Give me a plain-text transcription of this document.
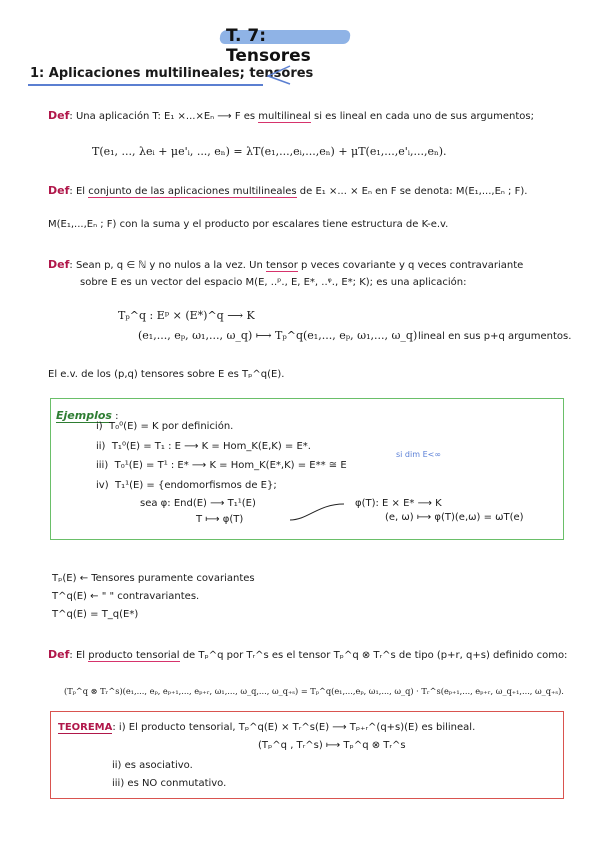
T. 7: Tensores
1: Aplicaciones multilineales; tensores
Def: Una aplicación T: E₁ ×...×Eₙ ⟶ F es multilineal si es lineal en cada uno de sus argumentos;
T(e₁, ..., λeᵢ + μe'ᵢ, ..., eₙ) = λT(e₁,...,eᵢ,...,eₙ) + μT(e₁,...,e'ᵢ,...,eₙ).
Def: El conjunto de las aplicaciones multilineales de E₁ ×... × Eₙ en F se denota: M(E₁,...,Eₙ ; F).
M(E₁,...,Eₙ ; F) con la suma y el producto por escalares tiene estructura de K-e.v.
Def: Sean p, q ∈ ℕ y no nulos a la vez. Un tensor p veces covariante y q veces contravariante
sobre E es un vector del espacio M(E, ..ᵖ., E, E*, ..ᵠ., E*; K); es una aplicación:
Tₚ^q : Eᵖ × (E*)^q ⟶ K
(e₁,..., eₚ, ω₁,..., ω_q) ⟼ Tₚ^q(e₁,..., eₚ, ω₁,..., ω_q) lineal en sus p+q argumentos.
El e.v. de los (p,q) tensores sobre E es Tₚ^q(E).
Ejemplos :
i) T₀⁰(E) = K por definición.
ii) T₁⁰(E) = T₁ : E ⟶ K = Hom_K(E,K) = E*.
iii) T₀¹(E) = T¹ : E* ⟶ K = Hom_K(E*,K) = E** ≅ E
si dim E<∞
iv) T₁¹(E) = {endomorfismos de E};
sea φ: End(E) ⟶ T₁¹(E)
T ⟼ φ(T)
φ(T): E × E* ⟶ K
(e, ω) ⟼ φ(T)(e,ω) = ωT(e)
Tₚ(E) ← Tensores puramente covariantes
T^q(E) ← " " contravariantes.
T^q(E) = T_q(E*)
Def: El producto tensorial de Tₚ^q por Tᵣ^s es el tensor Tₚ^q ⊗ Tᵣ^s de tipo (p+r, q+s) definido como:
(Tₚ^q ⊗ Tᵣ^s)(e₁,..., eₚ, eₚ₊₁,..., eₚ₊ᵣ, ω₁,..., ω_q,..., ω_q₊ₛ) = Tₚ^q(e₁,...,eₚ, ω₁,..., ω_q) · Tᵣ^s(eₚ₊₁,..., eₚ₊ᵣ, ω_q₊₁,..., ω_q₊ₛ).
TEOREMA: i) El producto tensorial, Tₚ^q(E) × Tᵣ^s(E) ⟶ Tₚ₊ᵣ^(q+s)(E) es bilineal.
(Tₚ^q , Tᵣ^s) ⟼ Tₚ^q ⊗ Tᵣ^s
ii) es asociativo.
iii) es NO conmutativo.
